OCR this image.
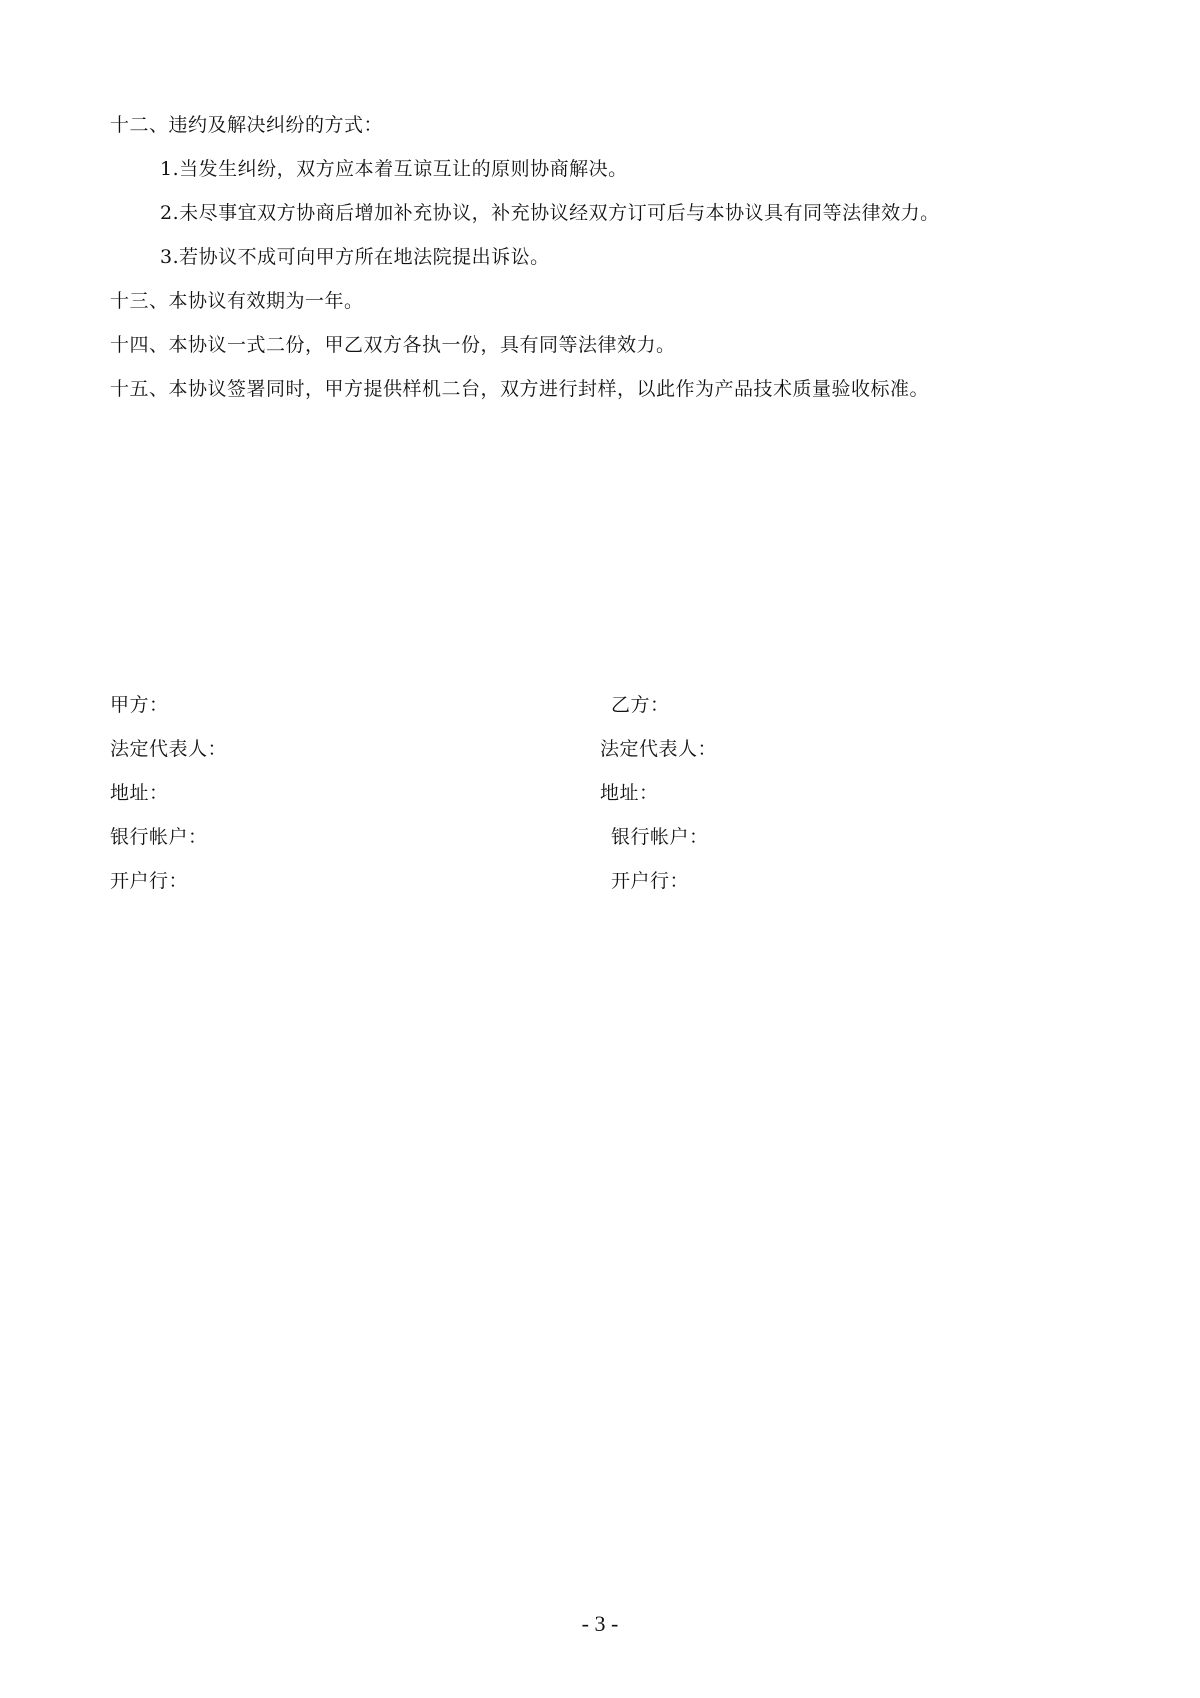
十二、违约及解决纠纷的方式：
1.当发生纠纷，双方应本着互谅互让的原则协商解决。
2.未尽事宜双方协商后增加补充协议，补充协议经双方订可后与本协议具有同等法律效力。
3.若协议不成可向甲方所在地法院提出诉讼。
十三、本协议有效期为一年。
十四、本协议一式二份，甲乙双方各执一份，具有同等法律效力。
十五、本协议签署同时，甲方提供样机二台，双方进行封样，以此作为产品技术质量验收标准。
甲方：
法定代表人：
地址：
银行帐户：
开户行：
乙方：
法定代表人：
地址：
银行帐户：
开户行：
- 3 -
